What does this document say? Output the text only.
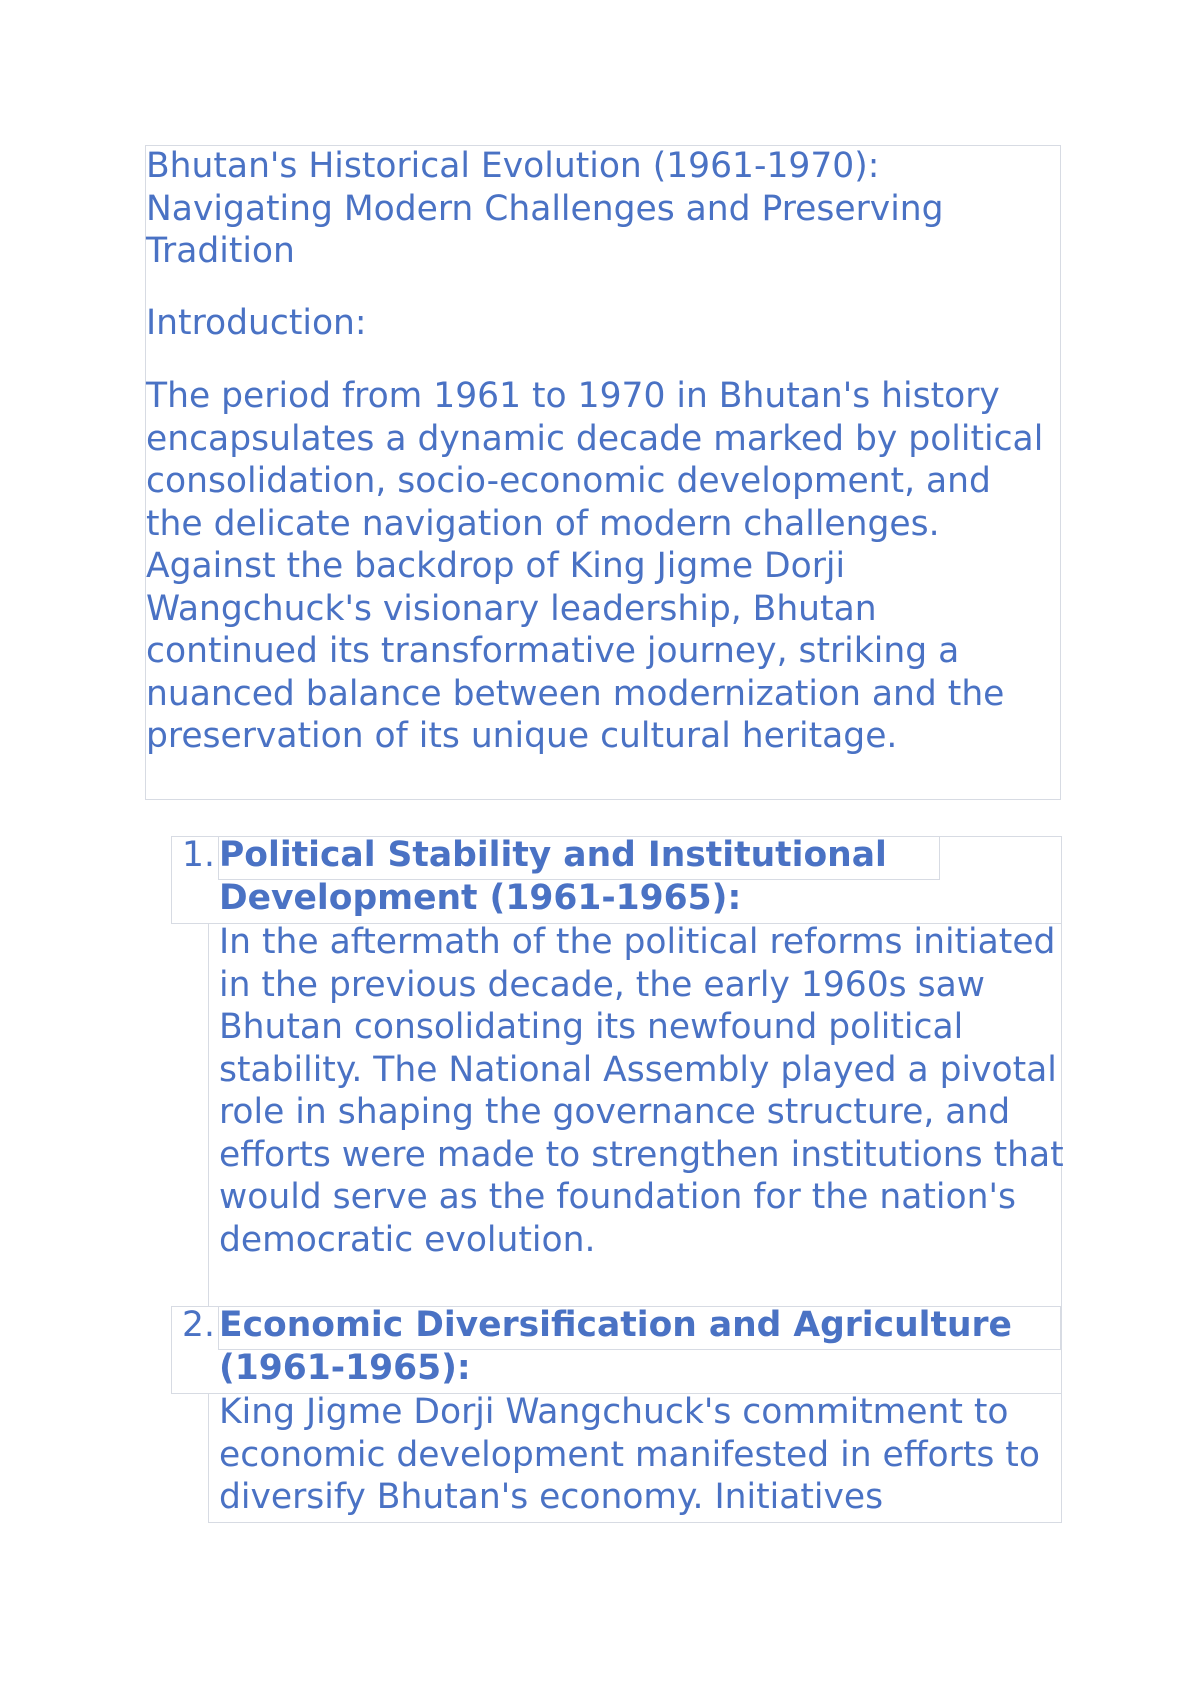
Bhutan's Historical Evolution (1961-1970): Navigating Modern Challenges and Preserving Tradition

Introduction:

The period from 1961 to 1970 in Bhutan's history encapsulates a dynamic decade marked by political consolidation, socio-economic development, and the delicate navigation of modern challenges. Against the backdrop of King Jigme Dorji Wangchuck's visionary leadership, Bhutan continued its transformative journey, striking a nuanced balance between modernization and the preservation of its unique cultural heritage.

1. Political Stability and Institutional Development (1961-1965):
In the aftermath of the political reforms initiated in the previous decade, the early 1960s saw Bhutan consolidating its newfound political stability. The National Assembly played a pivotal role in shaping the governance structure, and efforts were made to strengthen institutions that would serve as the foundation for the nation's democratic evolution.
2. Economic Diversification and Agriculture (1961-1965):
King Jigme Dorji Wangchuck's commitment to economic development manifested in efforts to diversify Bhutan's economy. Initiatives
